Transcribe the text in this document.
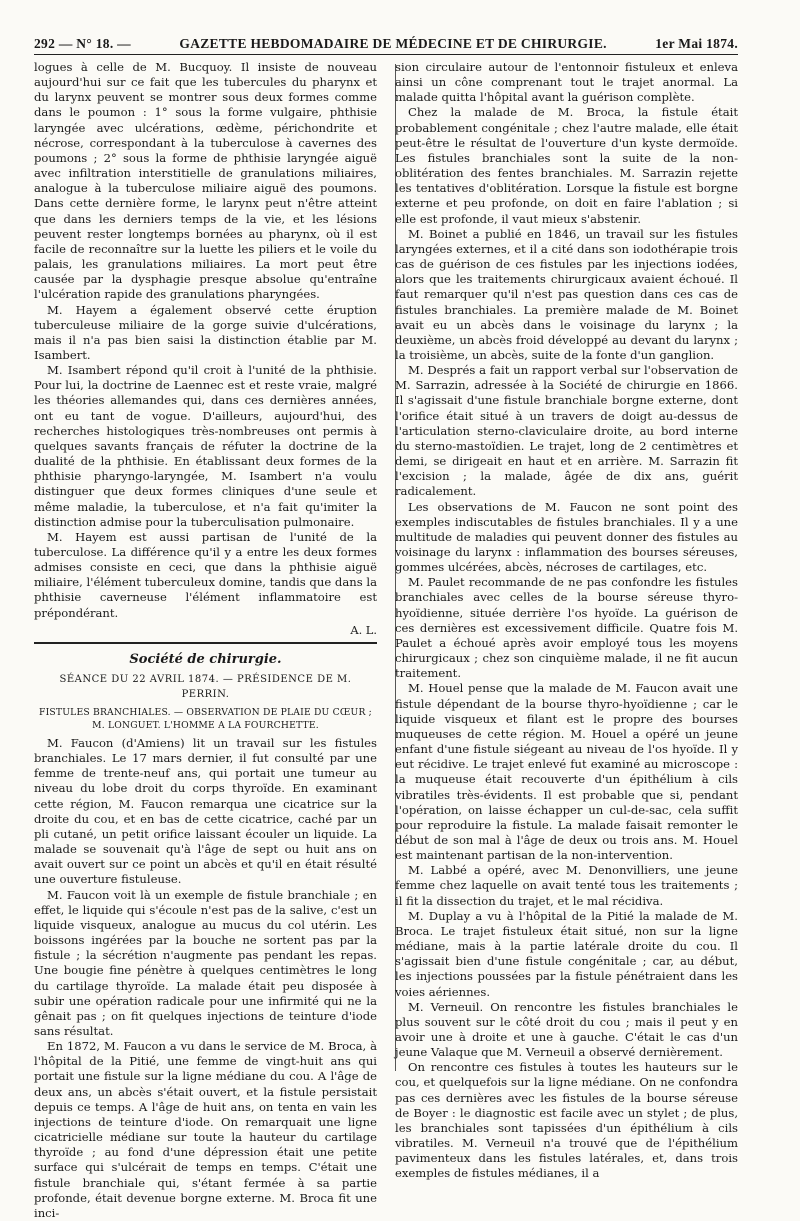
292 — N° 18. —	GAZETTE HEBDOMADAIRE DE MÉDECINE ET DE CHIRURGIE.	1er Mai 1874.

logues à celle de M. Bucquoy. Il insiste de nouveau aujourd'hui sur ce fait que les tubercules du pharynx et du larynx peuvent se montrer sous deux formes comme dans le poumon : 1° sous la forme vulgaire, phthisie laryngée avec ulcérations, œdème, périchondrite et nécrose, correspondant à la tuberculose à cavernes des poumons ; 2° sous la forme de phthisie laryngée aiguë avec infiltration interstitielle de granulations miliaires, analogue à la tuberculose miliaire aiguë des poumons. Dans cette dernière forme, le larynx peut n'être atteint que dans les derniers temps de la vie, et les lésions peuvent rester longtemps bornées au pharynx, où il est facile de reconnaître sur la luette les piliers et le voile du palais, les granulations miliaires. La mort peut être causée par la dysphagie presque absolue qu'entraîne l'ulcération rapide des granulations pharyngées.

M. Hayem a également observé cette éruption tuberculeuse miliaire de la gorge suivie d'ulcérations, mais il n'a pas bien saisi la distinction établie par M. Isambert.

M. Isambert répond qu'il croit à l'unité de la phthisie. Pour lui, la doctrine de Laennec est et reste vraie, malgré les théories allemandes qui, dans ces dernières années, ont eu tant de vogue. D'ailleurs, aujourd'hui, des recherches histologiques très-nombreuses ont permis à quelques savants français de réfuter la doctrine de la dualité de la phthisie. En établissant deux formes de la phthisie pharyngo-laryngée, M. Isambert n'a voulu distinguer que deux formes cliniques d'une seule et même maladie, la tuberculose, et n'a fait qu'imiter la distinction admise pour la tuberculisation pulmonaire.

M. Hayem est aussi partisan de l'unité de la tuberculose. La différence qu'il y a entre les deux formes admises consiste en ceci, que dans la phthisie aiguë miliaire, l'élément tuberculeux domine, tandis que dans la phthisie caverneuse l'élément inflammatoire est prépondérant.

A. L.
Société de chirurgie.
SÉANCE DU 22 AVRIL 1874. — PRÉSIDENCE DE M. PERRIN.
FISTULES BRANCHIALES. — OBSERVATION DE PLAIE DU CŒUR ; M. LONGUET. L'HOMME A LA FOURCHETTE.

M. Faucon (d'Amiens) lit un travail sur les fistules branchiales. Le 17 mars dernier, il fut consulté par une femme de trente-neuf ans, qui portait une tumeur au niveau du lobe droit du corps thyroïde. En examinant cette région, M. Faucon remarqua une cicatrice sur la droite du cou, et en bas de cette cicatrice, caché par un pli cutané, un petit orifice laissant écouler un liquide. La malade se souvenait qu'à l'âge de sept ou huit ans on avait ouvert sur ce point un abcès et qu'il en était résulté une ouverture fistuleuse.

M. Faucon voit là un exemple de fistule branchiale ; en effet, le liquide qui s'écoule n'est pas de la salive, c'est un liquide visqueux, analogue au mucus du col utérin. Les boissons ingérées par la bouche ne sortent pas par la fistule ; la sécrétion n'augmente pas pendant les repas. Une bougie fine pénètre à quelques centimètres le long du cartilage thyroïde. La malade était peu disposée à subir une opération radicale pour une infirmité qui ne la gênait pas ; on fit quelques injections de teinture d'iode sans résultat.

En 1872, M. Faucon a vu dans le service de M. Broca, à l'hôpital de la Pitié, une femme de vingt-huit ans qui portait une fistule sur la ligne médiane du cou. A l'âge de deux ans, un abcès s'était ouvert, et la fistule persistait depuis ce temps. A l'âge de huit ans, on tenta en vain les injections de teinture d'iode. On remarquait une ligne cicatricielle médiane sur toute la hauteur du cartilage thyroïde ; au fond d'une dépression était une petite surface qui s'ulcérait de temps en temps. C'était une fistule branchiale qui, s'étant fermée à sa partie profonde, était devenue borgne externe. M. Broca fit une inci-

sion circulaire autour de l'entonnoir fistuleux et enleva ainsi un cône comprenant tout le trajet anormal. La malade quitta l'hôpital avant la guérison complète.

Chez la malade de M. Broca, la fistule était probablement congénitale ; chez l'autre malade, elle était peut-être le résultat de l'ouverture d'un kyste dermoïde. Les fistules branchiales sont la suite de la non-oblitération des fentes branchiales. M. Sarrazin rejette les tentatives d'oblitération. Lorsque la fistule est borgne externe et peu profonde, on doit en faire l'ablation ; si elle est profonde, il vaut mieux s'abstenir.

M. Boinet a publié en 1846, un travail sur les fistules laryngées externes, et il a cité dans son iodothérapie trois cas de guérison de ces fistules par les injections iodées, alors que les traitements chirurgicaux avaient échoué. Il faut remarquer qu'il n'est pas question dans ces cas de fistules branchiales. La première malade de M. Boinet avait eu un abcès dans le voisinage du larynx ; la deuxième, un abcès froid développé au devant du larynx ; la troisième, un abcès, suite de la fonte d'un ganglion.

M. Després a fait un rapport verbal sur l'observation de M. Sarrazin, adressée à la Société de chirurgie en 1866. Il s'agissait d'une fistule branchiale borgne externe, dont l'orifice était situé à un travers de doigt au-dessus de l'articulation sterno-claviculaire droite, au bord interne du sterno-mastoïdien. Le trajet, long de 2 centimètres et demi, se dirigeait en haut et en arrière. M. Sarrazin fit l'excision ; la malade, âgée de dix ans, guérit radicalement.

Les observations de M. Faucon ne sont point des exemples indiscutables de fistules branchiales. Il y a une multitude de maladies qui peuvent donner des fistules au voisinage du larynx : inflammation des bourses séreuses, gommes ulcérées, abcès, nécroses de cartilages, etc.

M. Paulet recommande de ne pas confondre les fistules branchiales avec celles de la bourse séreuse thyro-hyoïdienne, située derrière l'os hyoïde. La guérison de ces dernières est excessivement difficile. Quatre fois M. Paulet a échoué après avoir employé tous les moyens chirurgicaux ; chez son cinquième malade, il ne fit aucun traitement.

M. Houel pense que la malade de M. Faucon avait une fistule dépendant de la bourse thyro-hyoïdienne ; car le liquide visqueux et filant est le propre des bourses muqueuses de cette région. M. Houel a opéré un jeune enfant d'une fistule siégeant au niveau de l'os hyoïde. Il y eut récidive. Le trajet enlevé fut examiné au microscope : la muqueuse était recouverte d'un épithélium à cils vibratiles très-évidents. Il est probable que si, pendant l'opération, on laisse échapper un cul-de-sac, cela suffit pour reproduire la fistule. La malade faisait remonter le début de son mal à l'âge de deux ou trois ans. M. Houel est maintenant partisan de la non-intervention.

M. Labbé a opéré, avec M. Denonvilliers, une jeune femme chez laquelle on avait tenté tous les traitements ; il fit la dissection du trajet, et le mal récidiva.

M. Duplay a vu à l'hôpital de la Pitié la malade de M. Broca. Le trajet fistuleux était situé, non sur la ligne médiane, mais à la partie latérale droite du cou. Il s'agissait bien d'une fistule congénitale ; car, au début, les injections poussées par la fistule pénétraient dans les voies aériennes.

M. Verneuil. On rencontre les fistules branchiales le plus souvent sur le côté droit du cou ; mais il peut y en avoir une à droite et une à gauche. C'était le cas d'un jeune Valaque que M. Verneuil a observé dernièrement.

On rencontre ces fistules à toutes les hauteurs sur le cou, et quelquefois sur la ligne médiane. On ne confondra pas ces dernières avec les fistules de la bourse séreuse de Boyer : le diagnostic est facile avec un stylet ; de plus, les branchiales sont tapissées d'un épithélium à cils vibratiles. M. Verneuil n'a trouvé que de l'épithélium pavimenteux dans les fistules latérales, et, dans trois exemples de fistules médianes, il a
